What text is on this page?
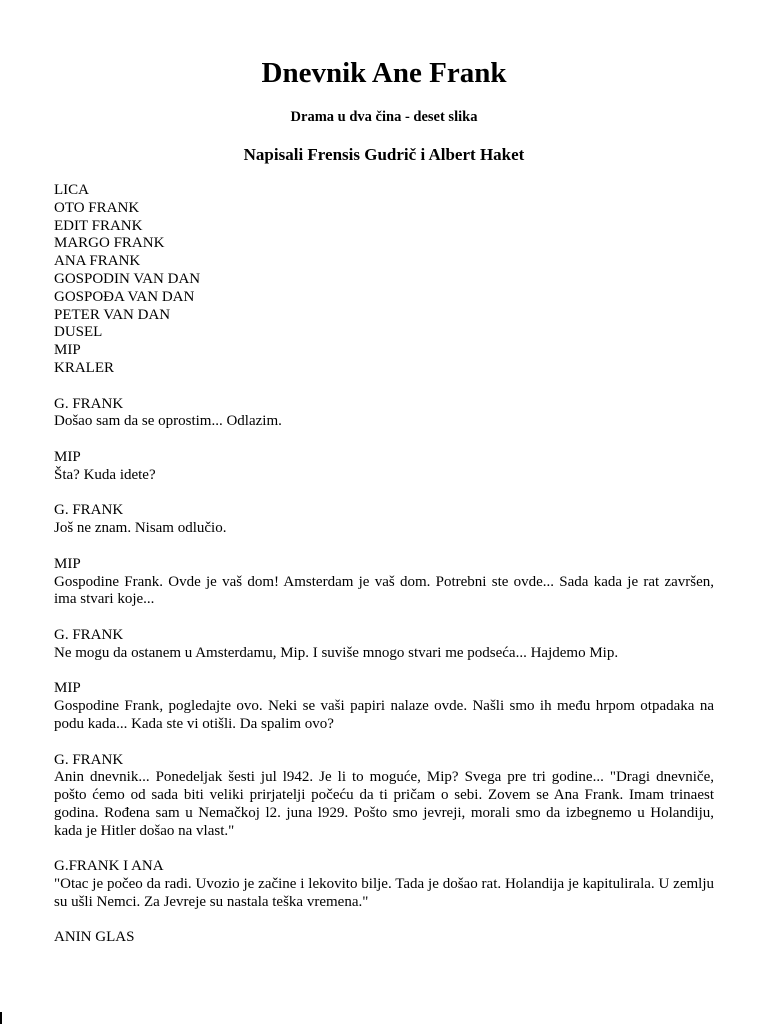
Dnevnik Ane Frank

Drama u dva čina - deset slika

Napisali Frensis Gudrič i Albert Haket

LICA
OTO FRANK
EDIT FRANK
MARGO FRANK
ANA FRANK
GOSPODIN VAN DAN
GOSPOĐA VAN DAN
PETER VAN DAN
DUSEL
MIP
KRALER
G. FRANK
Došao sam da se oprostim... Odlazim.
MIP
Šta? Kuda idete?
G. FRANK
Još ne znam. Nisam odlučio.
MIP
Gospodine Frank. Ovde je vaš dom! Amsterdam je vaš dom. Potrebni ste ovde... Sada kada je rat završen, ima stvari koje...
G. FRANK
Ne mogu da ostanem u Amsterdamu, Mip. I suviše mnogo stvari me podseća... Hajdemo Mip.
MIP
Gospodine Frank, pogledajte ovo. Neki se vaši papiri nalaze ovde. Našli smo ih među hrpom otpadaka na podu kada... Kada ste vi otišli. Da spalim ovo?
G. FRANK
Anin dnevnik... Ponedeljak šesti jul l942. Je li to moguće, Mip? Svega pre tri godine... "Dragi dnevniče, pošto ćemo od sada biti veliki prirjatelji počeću da ti pričam o sebi. Zovem se Ana Frank. Imam trinaest godina. Rođena sam u Nemačkoj l2. juna l929. Pošto smo jevreji, morali smo da izbegnemo u Holandiju, kada je Hitler došao na vlast."
G.FRANK I ANA
"Otac je počeo da radi. Uvozio je začine i lekovito bilje. Tada je došao rat. Holandija je kapitulirala. U zemlju su ušli Nemci. Za Jevreje su nastala teška vremena."
ANIN GLAS
